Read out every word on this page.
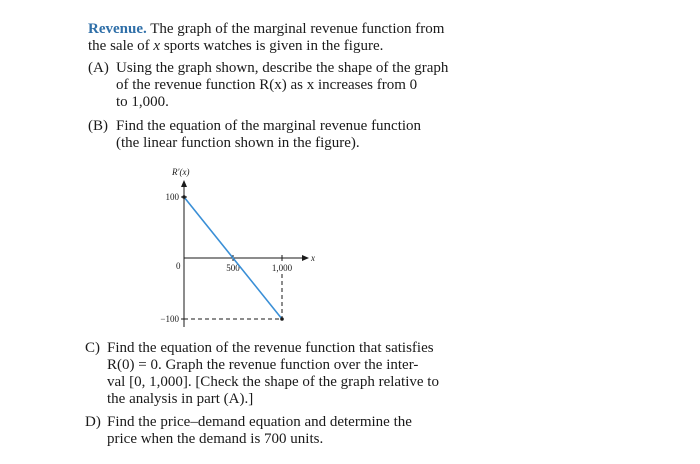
Revenue. The graph of the marginal revenue function from
the sale of x sports watches is given in the figure.
(A) Using the graph shown, describe the shape of the graph
of the revenue function R(x) as x increases from 0
to 1,000.
(B) Find the equation of the marginal revenue function
(the linear function shown in the figure).
R′(x)
x
0
100
−100
500	1,000
C) Find the equation of the revenue function that satisfies
R(0) = 0. Graph the revenue function over the inter-
val [0, 1,000]. [Check the shape of the graph relative to
the analysis in part (A).]
D) Find the price–demand equation and determine the
price when the demand is 700 units.
